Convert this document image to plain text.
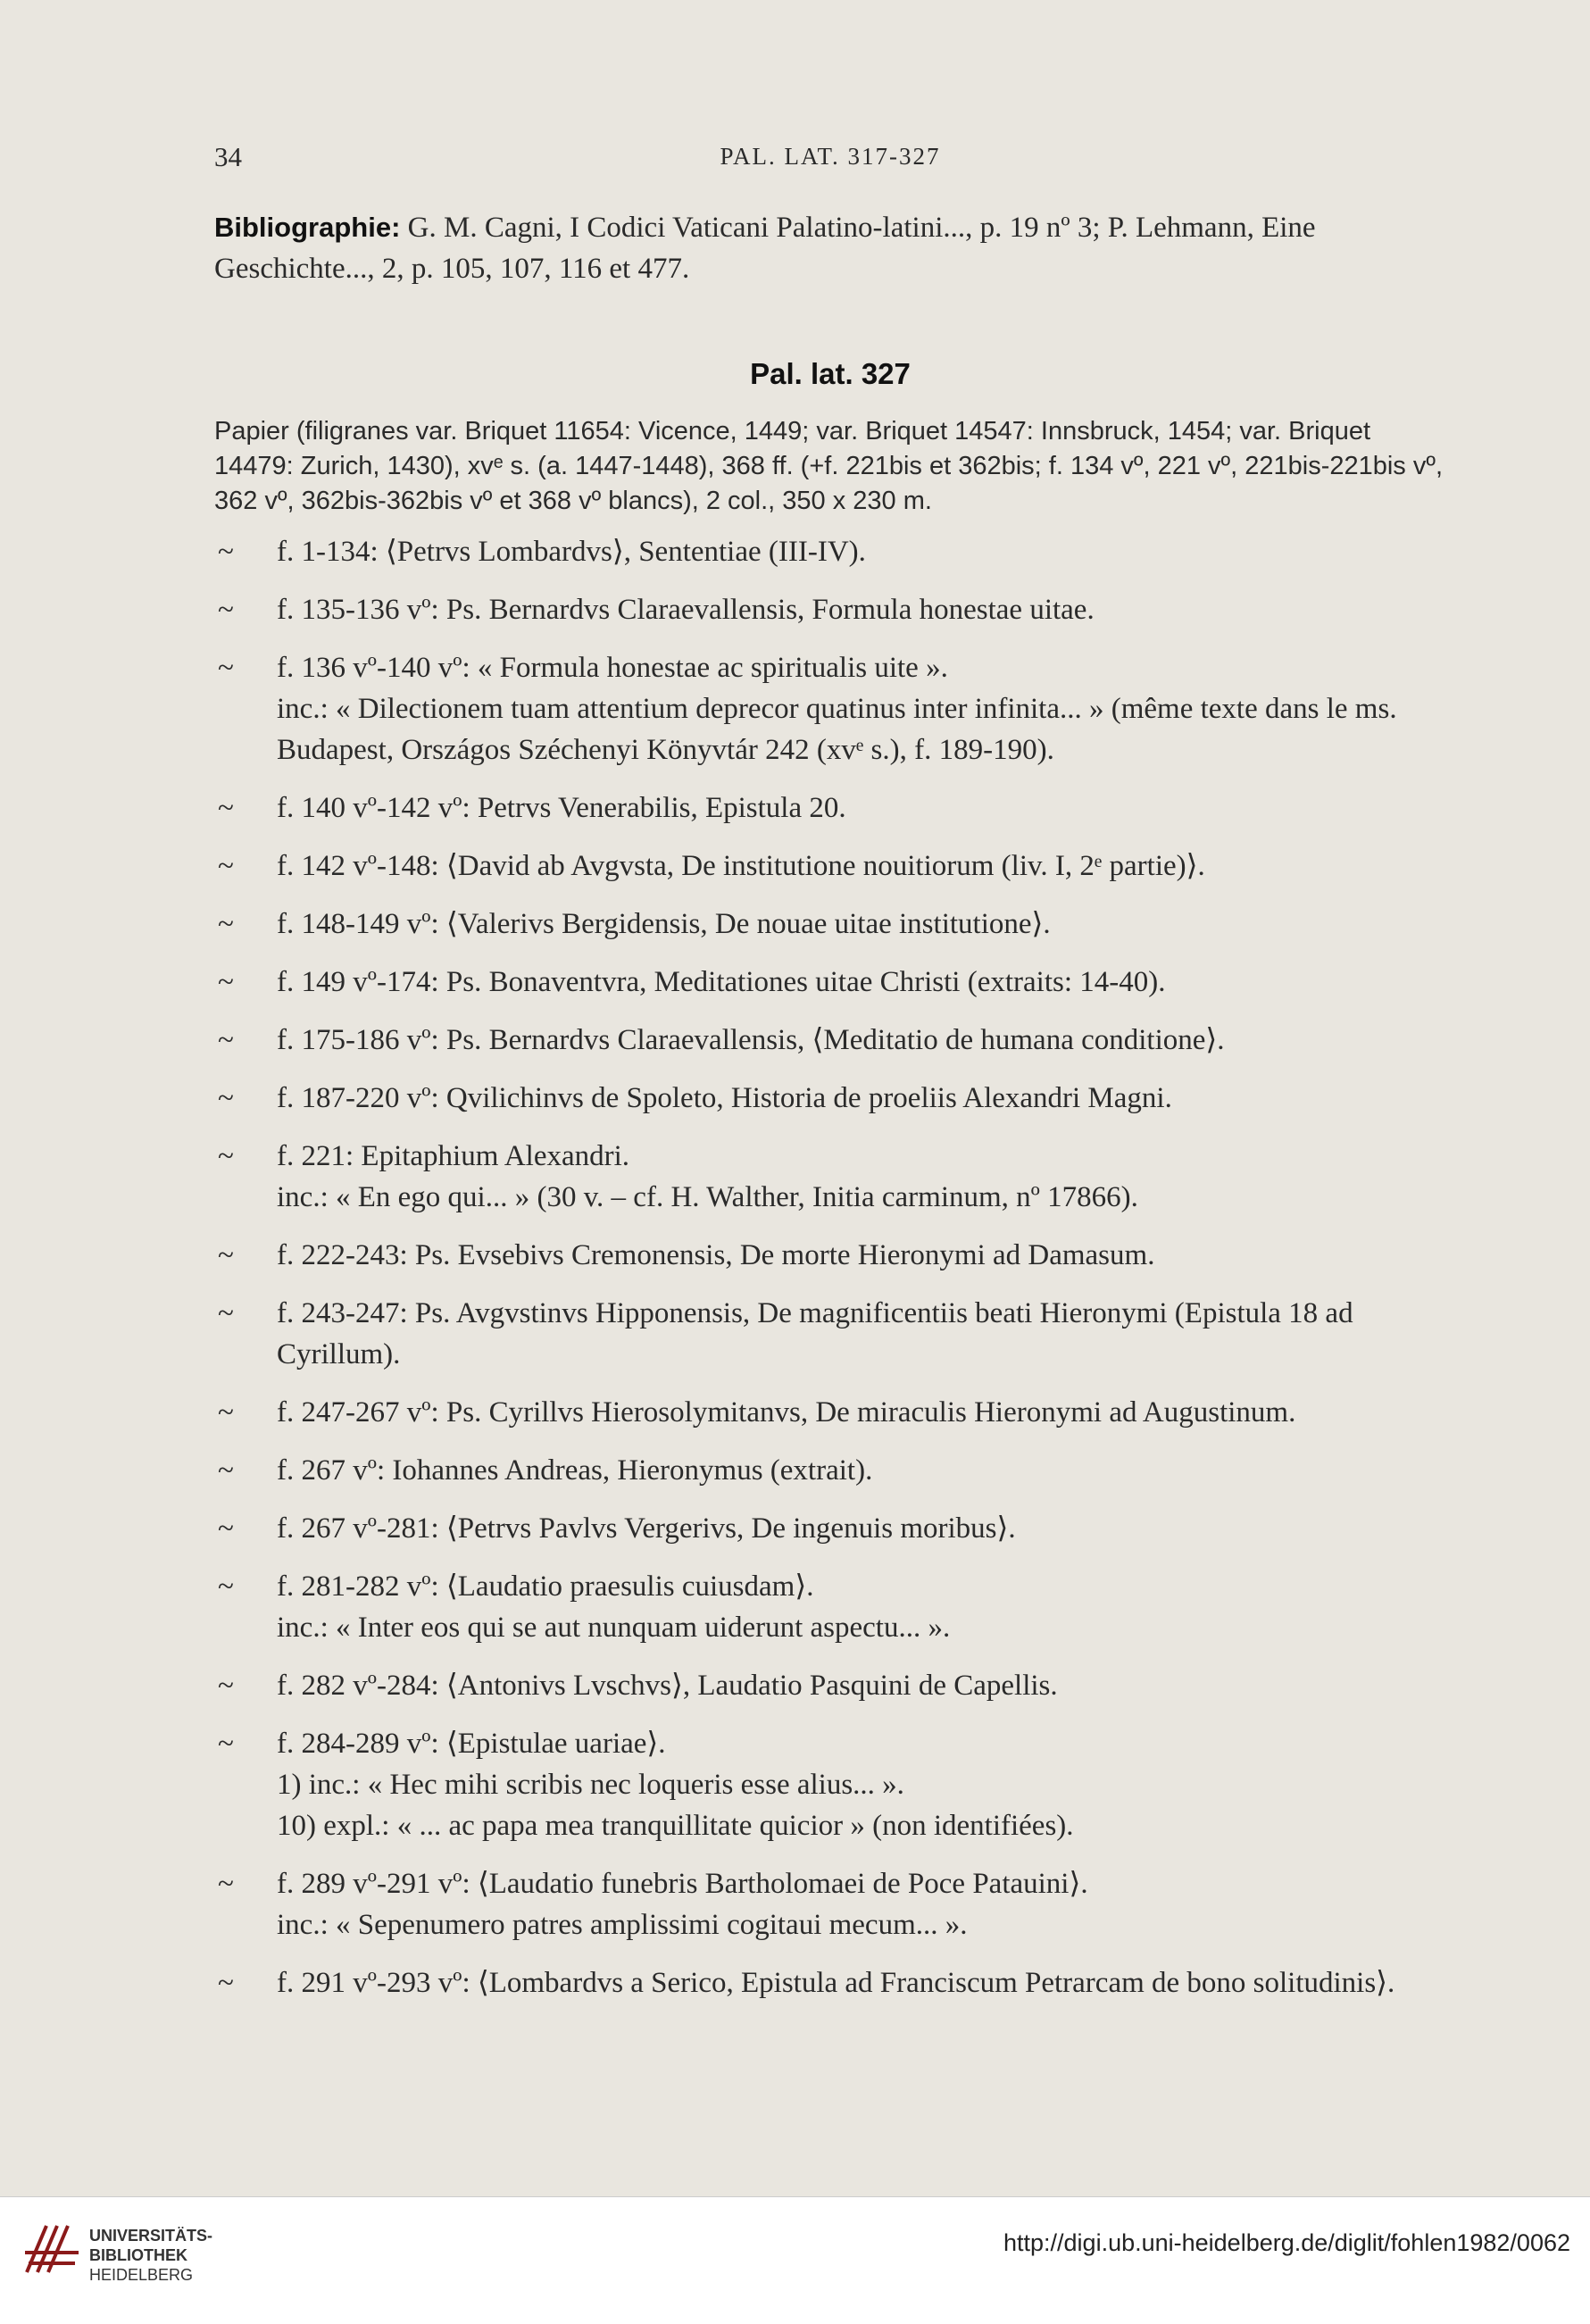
34	PAL. LAT. 317-327

Bibliographie: G. M. Cagni, I Codici Vaticani Palatino-latini..., p. 19 nº 3; P. Lehmann, Eine Geschichte..., 2, p. 105, 107, 116 et 477.

Pal. lat. 327

Papier (filigranes var. Briquet 11654: Vicence, 1449; var. Briquet 14547: Innsbruck, 1454; var. Briquet 14479: Zurich, 1430), xvᵉ s. (a. 1447-1448), 368 ff. (+f. 221bis et 362bis; f. 134 vº, 221 vº, 221bis-221bis vº, 362 vº, 362bis-362bis vº et 368 vº blancs), 2 col., 350 x 230 m.

~ f. 1-134: ⟨Petrvs Lombardvs⟩, Sententiae (III-IV).
~ f. 135-136 vº: Ps. Bernardvs Claraevallensis, Formula honestae uitae.
~ f. 136 vº-140 vº: « Formula honestae ac spiritualis uite ».
inc.: « Dilectionem tuam attentium deprecor quatinus inter infinita... » (même texte dans le ms. Budapest, Országos Széchenyi Könyvtár 242 (xvᵉ s.), f. 189-190).
~ f. 140 vº-142 vº: Petrvs Venerabilis, Epistula 20.
~ f. 142 vº-148: ⟨David ab Avgvsta, De institutione nouitiorum (liv. I, 2ᵉ partie)⟩.
~ f. 148-149 vº: ⟨Valerivs Bergidensis, De nouae uitae institutione⟩.
~ f. 149 vº-174: Ps. Bonaventvra, Meditationes uitae Christi (extraits: 14-40).
~ f. 175-186 vº: Ps. Bernardvs Claraevallensis, ⟨Meditatio de humana conditione⟩.
~ f. 187-220 vº: Qvilichinvs de Spoleto, Historia de proeliis Alexandri Magni.
~ f. 221: Epitaphium Alexandri.
inc.: « En ego qui... » (30 v. – cf. H. Walther, Initia carminum, nº 17866).
~ f. 222-243: Ps. Evsebivs Cremonensis, De morte Hieronymi ad Damasum.
~ f. 243-247: Ps. Avgvstinvs Hipponensis, De magnificentiis beati Hieronymi (Epistula 18 ad Cyrillum).
~ f. 247-267 vº: Ps. Cyrillvs Hierosolymitanvs, De miraculis Hieronymi ad Augustinum.
~ f. 267 vº: Iohannes Andreas, Hieronymus (extrait).
~ f. 267 vº-281: ⟨Petrvs Pavlvs Vergerivs, De ingenuis moribus⟩.
~ f. 281-282 vº: ⟨Laudatio praesulis cuiusdam⟩.
inc.: « Inter eos qui se aut nunquam uiderunt aspectu... ».
~ f. 282 vº-284: ⟨Antonivs Lvschvs⟩, Laudatio Pasquini de Capellis.
~ f. 284-289 vº: ⟨Epistulae uariae⟩.
1) inc.: « Hec mihi scribis nec loqueris esse alius... ».
10) expl.: « ... ac papa mea tranquillitate quicior » (non identifiées).
~ f. 289 vº-291 vº: ⟨Laudatio funebris Bartholomaei de Poce Patauini⟩.
inc.: « Sepenumero patres amplissimi cogitaui mecum... ».
~ f. 291 vº-293 vº: ⟨Lombardvs a Serico, Epistula ad Franciscum Petrarcam de bono solitudinis⟩.
UNIVERSITÄTS-
BIBLIOTHEK
HEIDELBERG
http://digi.ub.uni-heidelberg.de/diglit/fohlen1982/0062
